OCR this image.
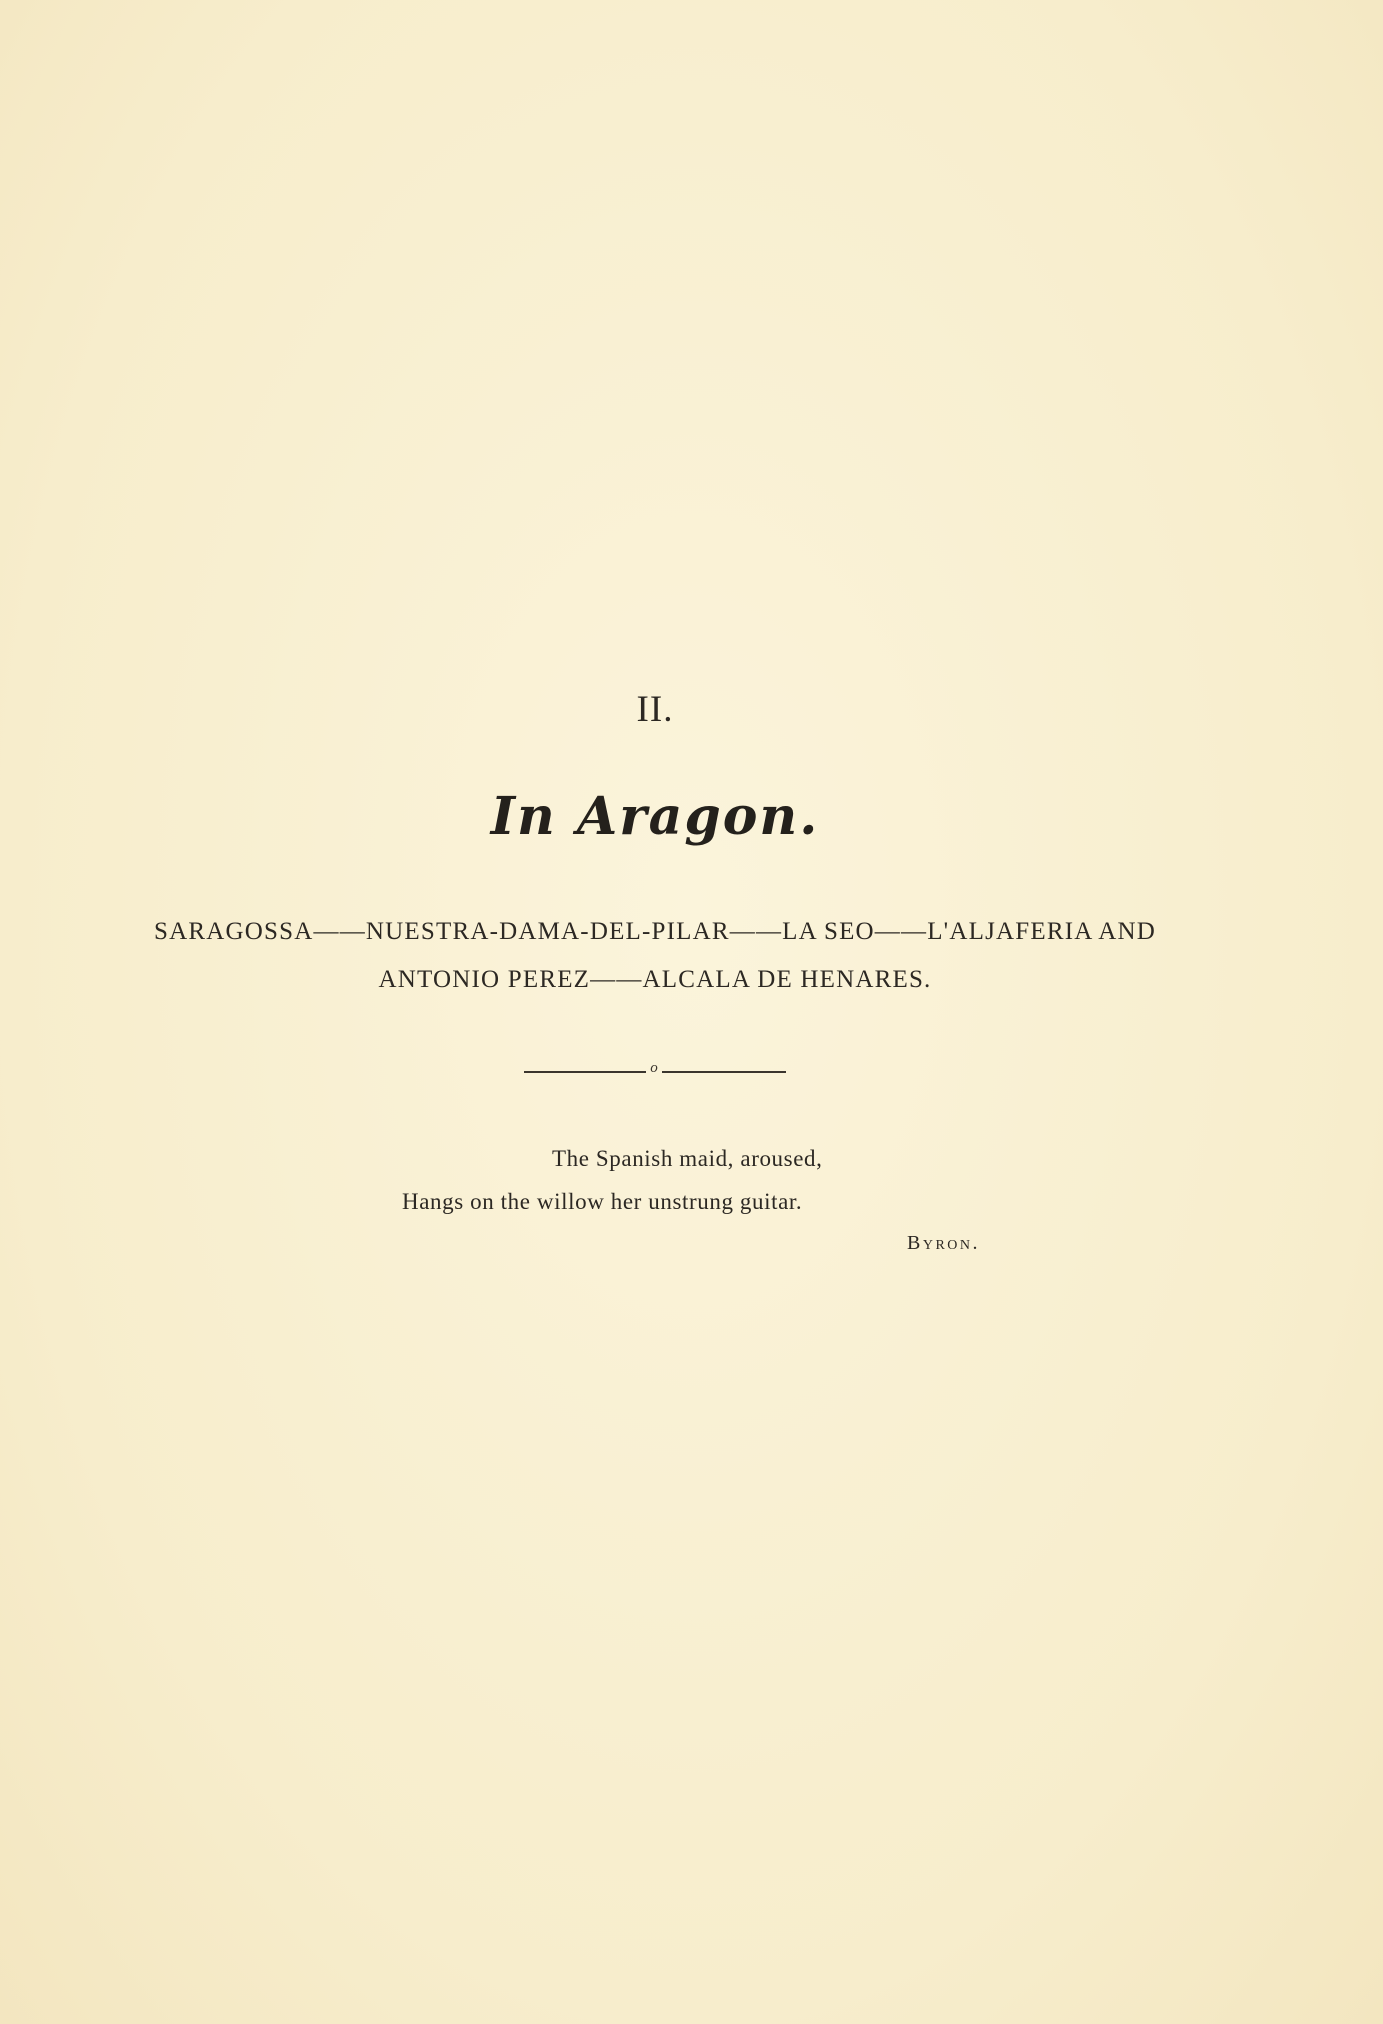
II.
In Aragon.
SARAGOSSA——NUESTRA-DAMA-DEL-PILAR——LA SEO——L'ALJAFERIA AND
ANTONIO PEREZ——ALCALA DE HENARES.
o
The Spanish maid, aroused,
Hangs on the willow her unstrung guitar.
Byron.
